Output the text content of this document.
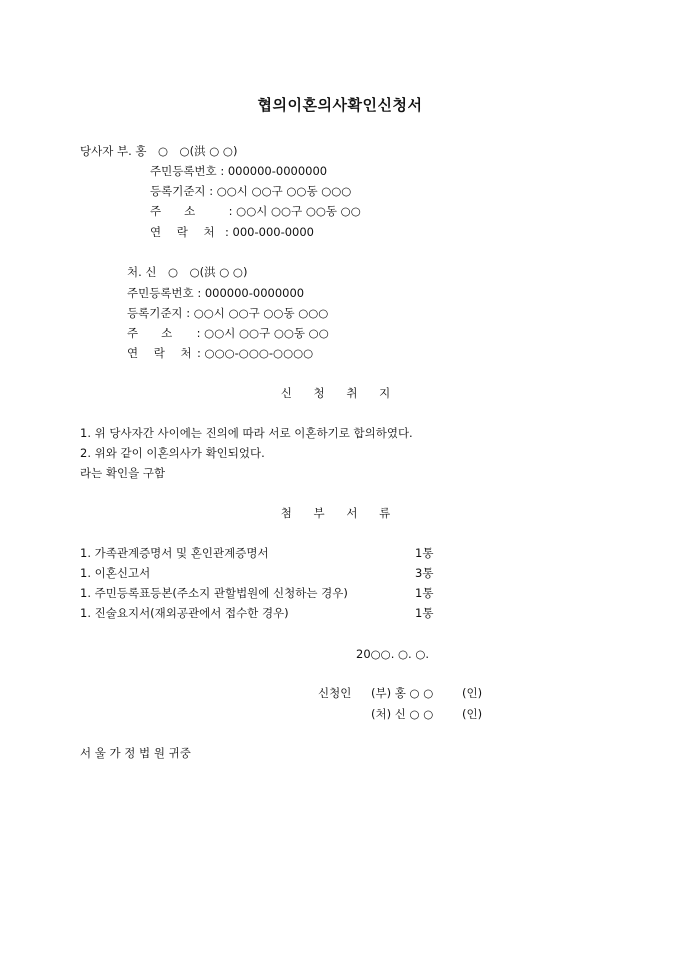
협의이혼의사확인신청서
당사자 부. 홍　○　○(洪 ○ ○)
주민등록번호 : 000000-0000000
등록기준지 : ○○시 ○○구 ○○동 ○○○
주　　소	: ○○시 ○○구 ○○동 ○○
연 락 처 : 000-000-0000
처. 신　○　○(洪 ○ ○)
주민등록번호 : 000000-0000000
등록기준지 : ○○시 ○○구 ○○동 ○○○
주　　소 : ○○시 ○○구 ○○동 ○○
연 락 처: ○○○-○○○-○○○○
신 청 취 지
1. 위 당사자간 사이에는 진의에 따라 서로 이혼하기로 합의하였다.
2. 위와 같이 이혼의사가 확인되었다.
라는 확인을 구함
첨 부 서 류
1. 가족관계증명서 및 혼인관계증명서	1통
1. 이혼신고서	3통
1. 주민등록표등본(주소지 관할법원에 신청하는 경우)	1통
1. 진술요지서(재외공관에서 접수한 경우)	1통
20○○. ○. ○.
신청인 (부) 홍 ○ ○	(인)
(처) 신 ○ ○	(인)
서 울 가 정 법 원 귀중
